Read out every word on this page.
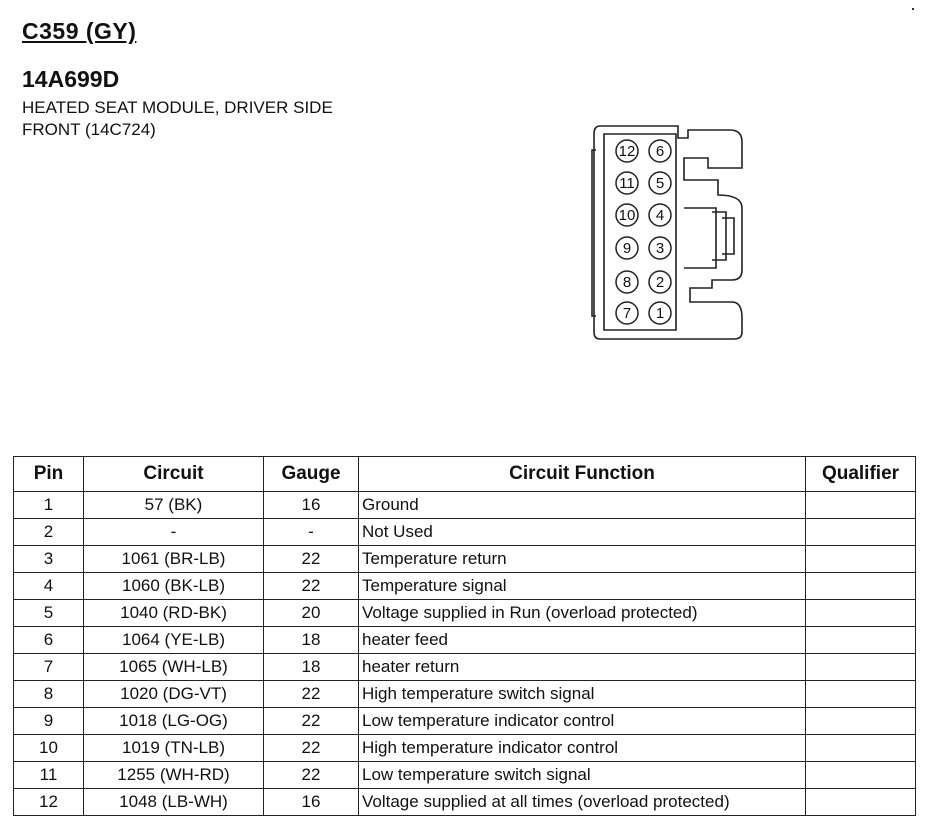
C359 (GY)
14A699D
HEATED SEAT MODULE, DRIVER SIDE
FRONT (14C724)
12
11
10
9
8
7
6
5
4
3
2
1
Pin	Circuit	Gauge	Circuit Function	Qualifier
1	57 (BK)	16	Ground	
2	-	-	Not Used	
3	1061 (BR-LB)	22	Temperature return	
4	1060 (BK-LB)	22	Temperature signal	
5	1040 (RD-BK)	20	Voltage supplied in Run (overload protected)	
6	1064 (YE-LB)	18	heater feed	
7	1065 (WH-LB)	18	heater return	
8	1020 (DG-VT)	22	High temperature switch signal	
9	1018 (LG-OG)	22	Low temperature indicator control	
10	1019 (TN-LB)	22	High temperature indicator control	
11	1255 (WH-RD)	22	Low temperature switch signal	
12	1048 (LB-WH)	16	Voltage supplied at all times (overload protected)	
